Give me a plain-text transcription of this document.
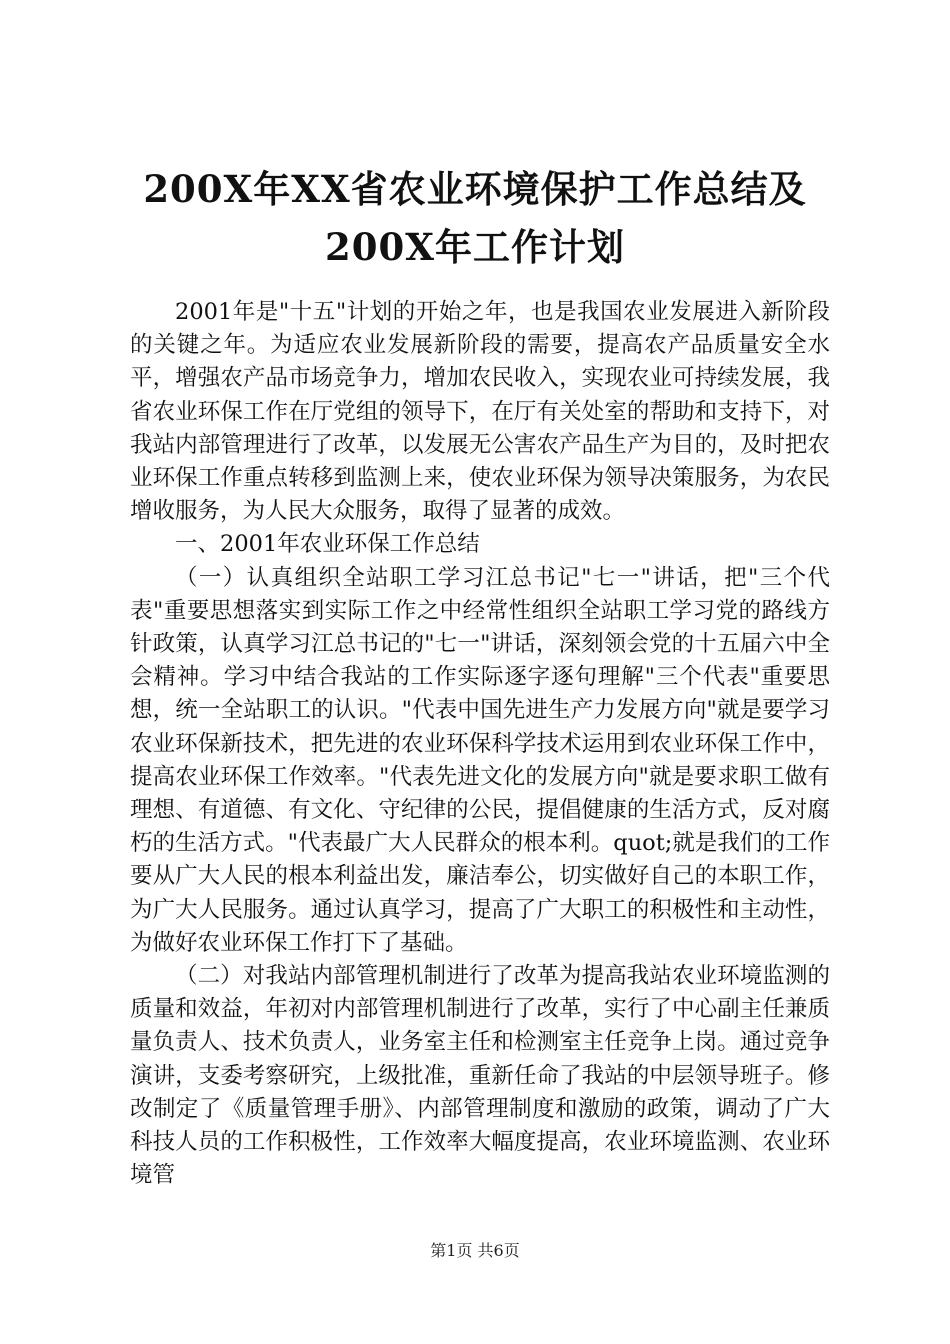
200X年XX省农业环境保护工作总结及200X年工作计划

2001年是"十五"计划的开始之年，也是我国农业发展进入新阶段的关键之年。为适应农业发展新阶段的需要，提高农产品质量安全水平，增强农产品市场竞争力，增加农民收入，实现农业可持续发展，我省农业环保工作在厅党组的领导下，在厅有关处室的帮助和支持下，对我站内部管理进行了改革，以发展无公害农产品生产为目的，及时把农业环保工作重点转移到监测上来，使农业环保为领导决策服务，为农民增收服务，为人民大众服务，取得了显著的成效。

一、2001年农业环保工作总结

（一）认真组织全站职工学习江总书记"七一"讲话，把"三个代表"重要思想落实到实际工作之中经常性组织全站职工学习党的路线方针政策，认真学习江总书记的"七一"讲话，深刻领会党的十五届六中全会精神。学习中结合我站的工作实际逐字逐句理解"三个代表"重要思想，统一全站职工的认识。"代表中国先进生产力发展方向"就是要学习农业环保新技术，把先进的农业环保科学技术运用到农业环保工作中，提高农业环保工作效率。"代表先进文化的发展方向"就是要求职工做有理想、有道德、有文化、守纪律的公民，提倡健康的生活方式，反对腐朽的生活方式。"代表最广大人民群众的根本利。quot;就是我们的工作要从广大人民的根本利益出发，廉洁奉公，切实做好自己的本职工作，为广大人民服务。通过认真学习，提高了广大职工的积极性和主动性，为做好农业环保工作打下了基础。

（二）对我站内部管理机制进行了改革为提高我站农业环境监测的质量和效益，年初对内部管理机制进行了改革，实行了中心副主任兼质量负责人、技术负责人，业务室主任和检测室主任竞争上岗。通过竞争演讲，支委考察研究，上级批准，重新任命了我站的中层领导班子。修改制定了《质量管理手册》、内部管理制度和激励的政策，调动了广大科技人员的工作积极性，工作效率大幅度提高，农业环境监测、农业环境管

第1页 共6页
